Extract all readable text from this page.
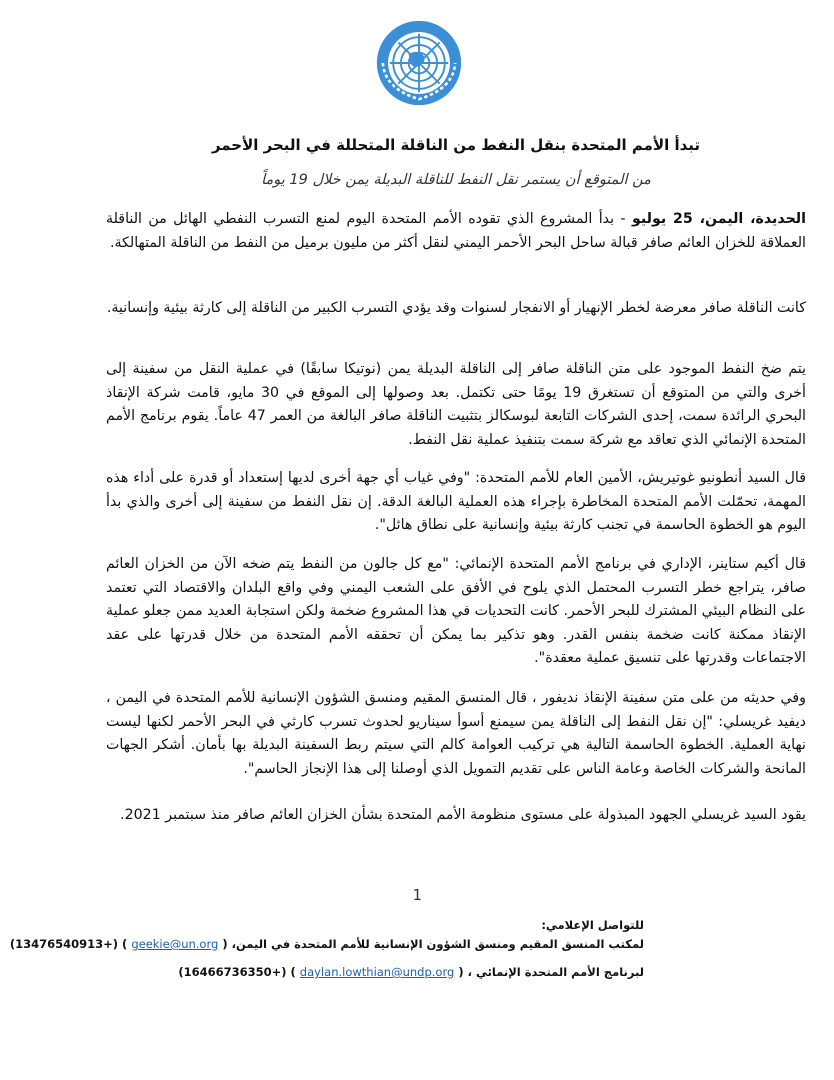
تبدأ الأمم المتحدة بنقل النفط من الناقلة المتحللة في البحر الأحمر
من المتوقع أن يستمر نقل النفط للناقلة البديلة يمن خلال 19 يوماً

الحديدة، اليمن، 25 يوليو - بدأ المشروع الذي تقوده الأمم المتحدة اليوم لمنع التسرب النفطي الهائل من الناقلة العملاقة للخزان العائم صافر قبالة ساحل البحر الأحمر اليمني لنقل أكثر من مليون برميل من النفط من الناقلة المتهالكة.

كانت الناقلة صافر معرضة لخطر الإنهيار أو الانفجار لسنوات وقد يؤدي التسرب الكبير من الناقلة إلى كارثة بيئية وإنسانية.

يتم ضخ النفط الموجود على متن الناقلة صافر إلى الناقلة البديلة يمن (نوتيكا سابقًا) في عملية النقل من سفينة إلى أخرى والتي من المتوقع أن تستغرق 19 يومًا حتى تكتمل. بعد وصولها إلى الموقع في 30 مايو، قامت شركة الإنقاذ البحري الرائدة سمت، إحدى الشركات التابعة لبوسكالز بتثبيت الناقلة صافر البالغة من العمر 47 عاماً. يقوم برنامج الأمم المتحدة الإنمائي الذي تعاقد مع شركة سمت بتنفيذ عملية نقل النفط.

قال السيد أنطونيو غوتيريش، الأمين العام للأمم المتحدة: "وفي غياب أي جهة أخرى لديها إستعداد أو قدرة على أداء هذه المهمة، تحمّلت الأمم المتحدة المخاطرة بإجراء هذه العملية البالغة الدقة. إن نقل النفط من سفينة إلى أخرى والذي بدأ اليوم هو الخطوة الحاسمة في تجنب كارثة بيئية وإنسانية على نطاق هائل".

قال أكيم ستاينر، الإداري في برنامج الأمم المتحدة الإنمائي: "مع كل جالون من النفط يتم ضخه الآن من الخزان العائم صافر، يتراجع خطر التسرب المحتمل الذي يلوح في الأفق على الشعب اليمني وفي واقع البلدان والاقتصاد التي تعتمد على النظام البيئي المشترك للبحر الأحمر. كانت التحديات في هذا المشروع ضخمة ولكن استجابة العديد ممن جعلو عملية الإنقاذ ممكنة كانت ضخمة بنفس القدر. وهو تذكير بما يمكن أن تحققه الأمم المتحدة من خلال قدرتها على عقد الاجتماعات وقدرتها على تنسيق عملية معقدة".

وفي حديثه من على متن سفينة الإنقاذ نديفور ، قال المنسق المقيم ومنسق الشؤون الإنسانية للأمم المتحدة في اليمن ، ديفيد غريسلي: "إن نقل النفط إلى الناقلة يمن سيمنع أسوأ سيناريو لحدوث تسرب كارثي في البحر الأحمر لكنها ليست نهاية العملية. الخطوة الحاسمة التالية هي تركيب العوامة كالم التي سيتم ربط السفينة البديلة بها بأمان. أشكر الجهات المانحة والشركات الخاصة وعامة الناس على تقديم التمويل الذي أوصلنا إلى هذا الإنجاز الحاسم".

يقود السيد غريسلي الجهود المبذولة على مستوى منظومة الأمم المتحدة بشأن الخزان العائم صافر منذ سبتمبر 2021.

1
للتواصل الإعلامي:
لمكتب المنسق المقيم ومنسق الشؤون الإنسانية للأمم المتحدة في اليمن، ( geekie@un.org ) (+13476540913)
لبرنامج الأمم المتحدة الإنمائي ، ( daylan.lowthian@undp.org ) (+16466736350)
